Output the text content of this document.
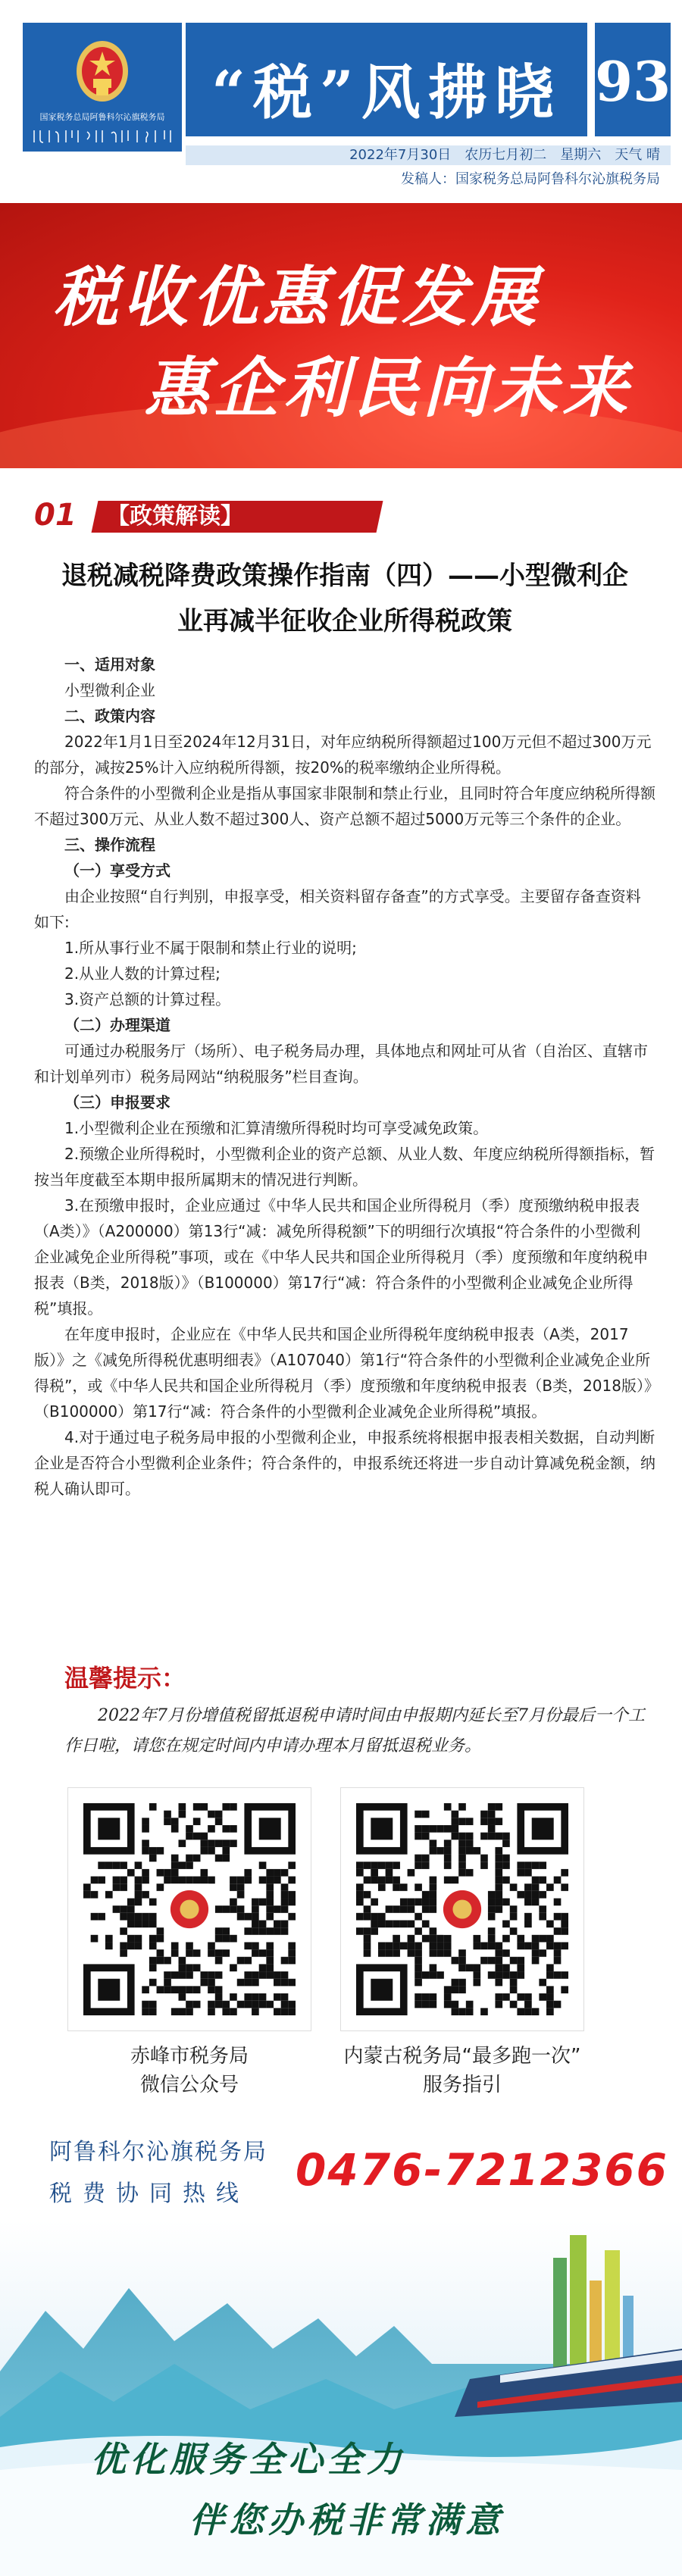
国家税务总局阿鲁科尔沁旗税务局 “税”风拂晓 93
2022年7月30日　农历七月初二　星期六　天气 晴
发稿人：国家税务总局阿鲁科尔沁旗税务局
税收优惠促发展
惠企利民向未来
01	【政策解读】
退税减税降费政策操作指南（四）——小型微利企
业再减半征收企业所得税政策

一、适用对象

小型微利企业

二、政策内容

2022年1月1日至2024年12月31日，对年应纳税所得额超过100万元但不超过300万元的部分，减按25%计入应纳税所得额，按20%的税率缴纳企业所得税。

符合条件的小型微利企业是指从事国家非限制和禁止行业，且同时符合年度应纳税所得额不超过300万元、从业人数不超过300人、资产总额不超过5000万元等三个条件的企业。

三、操作流程

（一）享受方式

由企业按照“自行判别，申报享受，相关资料留存备查”的方式享受。主要留存备查资料如下:

1.所从事行业不属于限制和禁止行业的说明;

2.从业人数的计算过程;

3.资产总额的计算过程。

（二）办理渠道

可通过办税服务厅（场所）、电子税务局办理，具体地点和网址可从省（自治区、直辖市和计划单列市）税务局网站“纳税服务”栏目查询。

（三）申报要求

1.小型微利企业在预缴和汇算清缴所得税时均可享受减免政策。

2.预缴企业所得税时，小型微利企业的资产总额、从业人数、年度应纳税所得额指标，暂按当年度截至本期申报所属期末的情况进行判断。

3.在预缴申报时，企业应通过《中华人民共和国企业所得税月（季）度预缴纳税申报表（A类）》（A200000）第13行“减：减免所得税额”下的明细行次填报“符合条件的小型微利企业减免企业所得税”事项，或在《中华人民共和国企业所得税月（季）度预缴和年度纳税申报表（B类，2018版）》（B100000）第17行“减：符合条件的小型微利企业减免企业所得税”填报。

在年度申报时，企业应在《中华人民共和国企业所得税年度纳税申报表（A类，2017版）》之《减免所得税优惠明细表》（A107040）第1行“符合条件的小型微利企业减免企业所得税”，或《中华人民共和国企业所得税月（季）度预缴和年度纳税申报表（B类，2018版）》（B100000）第17行“减：符合条件的小型微利企业减免企业所得税”填报。

4.对于通过电子税务局申报的小型微利企业，申报系统将根据申报表相关数据，自动判断企业是否符合小型微利企业条件；符合条件的，申报系统还将进一步自动计算减免税金额，纳税人确认即可。

温馨提示：
2022年7月份增值税留抵退税申请时间由申报期内延长至7月份最后一个工作日啦，请您在规定时间内申请办理本月留抵退税业务。
赤峰市税务局
微信公众号
内蒙古税务局“最多跑一次”
服务指引
阿鲁科尔沁旗税务局
税费协同热线 0476-7212366
优化服务全心全力
伴您办税非常满意
